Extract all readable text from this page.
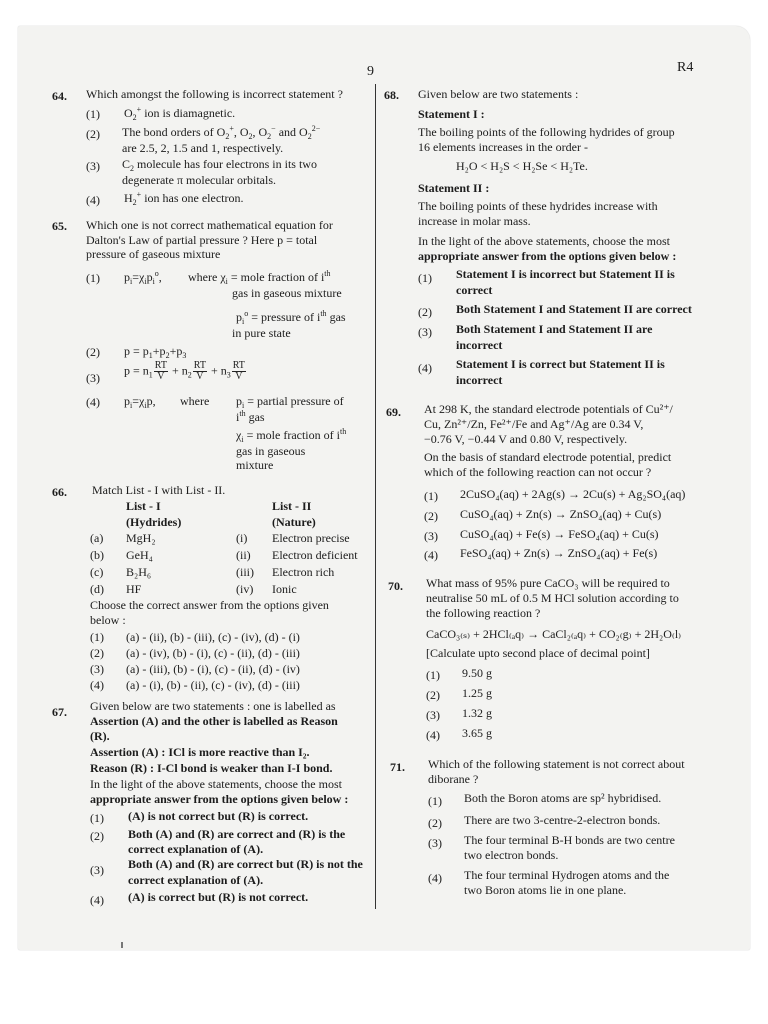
9	R4
64. Which amongst the following is incorrect statement ?
(1) $O_2^+$ ion is diamagnetic.
(2) The bond orders of $O_2^+$, $O_2$, $O_2^-$ and $O_2^{2-}$
are 2.5, 2, 1.5 and 1, respectively.
(3) $C_2$ molecule has four electrons in its two
degenerate π molecular orbitals.
(4) $H_2^+$ ion has one electron.
65. Which one is not correct mathematical equation for
Dalton's Law of partial pressure ? Here p = total
pressure of gaseous mixture
(1) $p_i=\chi_ip_i^o$, where $\chi_i$ = mole fraction of $i^{th}$
gas in gaseous mixture
$p_i^o$ = pressure of $i^{th}$ gas
in pure state
(2) $p = p_1+p_2+p_3$
(3)
$p = n_1 \frac{RT}{V} + n_2 \frac{RT}{V} + n_3 \frac{RT}{V}$
(4) $p_i=\chi_ip$, where $p_i$ = partial pressure of
$i^{th}$ gas
$\chi_i$ = mole fraction of $i^{th}$
gas in gaseous
mixture
66. Match List - I with List - II.
List - I
(Hydrides)
List - II
(Nature)
(a) MgH₂	(i) Electron precise
(b) GeH₄	(ii) Electron deficient
(c) B₂H₆	(iii) Electron rich
(d) HF	(iv) Ionic
Choose the correct answer from the options given
below :
(1) (a) - (ii), (b) - (iii), (c) - (iv), (d) - (i)
(2) (a) - (iv), (b) - (i), (c) - (ii), (d) - (iii)
(3) (a) - (iii), (b) - (i), (c) - (ii), (d) - (iv)
(4) (a) - (i), (b) - (ii), (c) - (iv), (d) - (iii)
67. Given below are two statements : one is labelled as
Assertion (A) and the other is labelled as Reason
(R).
Assertion (A) : ICl is more reactive than I₂.
Reason (R) : I-Cl bond is weaker than I-I bond.
In the light of the above statements, choose the most
appropriate answer from the options given below :
(1) (A) is not correct but (R) is correct.
(2) Both (A) and (R) are correct and (R) is the
correct explanation of (A).
(3) Both (A) and (R) are correct but (R) is not the
correct explanation of (A).
(4) (A) is correct but (R) is not correct.
68. Given below are two statements :
Statement I :
The boiling points of the following hydrides of group
16 elements increases in the order -
H₂O < H₂S < H₂Se < H₂Te.
Statement II :
The boiling points of these hydrides increase with
increase in molar mass.
In the light of the above statements, choose the most
appropriate answer from the options given below :
(1) Statement I is incorrect but Statement II is
correct
(2) Both Statement I and Statement II are correct
(3) Both Statement I and Statement II are
incorrect
(4) Statement I is correct but Statement II is
incorrect
69. At 298 K, the standard electrode potentials of Cu²⁺/
Cu, Zn²⁺/Zn, Fe²⁺/Fe and Ag⁺/Ag are 0.34 V,
−0.76 V, −0.44 V and 0.80 V, respectively.
On the basis of standard electrode potential, predict
which of the following reaction can not occur ?
(1) 2CuSO₄(aq) + 2Ag(s) → 2Cu(s) + Ag₂SO₄(aq)
(2) CuSO₄(aq) + Zn(s) → ZnSO₄(aq) + Cu(s)
(3) CuSO₄(aq) + Fe(s) → FeSO₄(aq) + Cu(s)
(4) FeSO₄(aq) + Zn(s) → ZnSO₄(aq) + Fe(s)
70. What mass of 95% pure CaCO₃ will be required to
neutralise 50 mL of 0.5 M HCl solution according to
the following reaction ?
CaCO₃₍ₛ₎ + 2HCl₍ₐq₎ → CaCl₂₍ₐq₎ + CO₂₍g₎ + 2H₂O₍l₎
[Calculate upto second place of decimal point]
(1) 9.50 g
(2) 1.25 g
(3) 1.32 g
(4) 3.65 g
71. Which of the following statement is not correct about
diborane ?
(1) Both the Boron atoms are sp² hybridised.
(2) There are two 3-centre-2-electron bonds.
(3) The four terminal B-H bonds are two centre
two electron bonds.
(4) The four terminal Hydrogen atoms and the
two Boron atoms lie in one plane.
